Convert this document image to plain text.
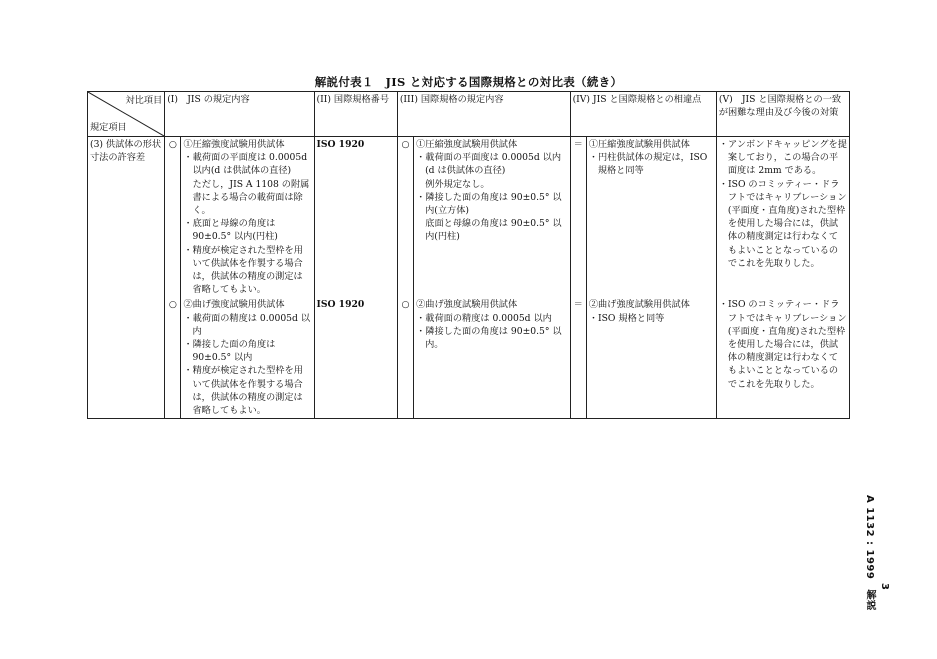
解説付表１　JIS と対応する国際規格との対比表（続き）
対比項目
規定項目	(I)　JIS の規定内容		(II) 国際規格番号	(III) 国際規格の規定内容		(IV) JIS と国際規格との相違点		(V)　JIS と国際規格との一致が困難な理由及び今後の対策
(3) 供試体の形状寸法の許容差	○	①圧縮強度試験用供試体
・載荷面の平面度は 0.0005d 以内(d は供試体の直径)
　ただし，JIS A 1108 の附属書による場合の載荷面は除く。
・底面と母線の角度は 90±0.5° 以内(円柱)
・精度が検定された型枠を用いて供試体を作製する場合は，供試体の精度の測定は省略してもよい。	ISO 1920	○	①圧縮強度試験用供試体
・載荷面の平面度は 0.0005d 以内(d は供試体の直径)
　例外規定なし。
・隣接した面の角度は 90±0.5° 以内(立方体)
　底面と母線の角度は 90±0.5° 以内(円柱)	＝	①圧縮強度試験用供試体
・円柱供試体の規定は，ISO 規格と同等	・アンボンドキャッピングを提案しており，この場合の平面度は 2mm である。
・ISO のコミッティー・ドラフトではキャリブレーション(平面度・直角度)された型枠を使用した場合には，供試体の精度測定は行わなくてもよいこととなっているのでこれを先取りした。

	○	②曲げ強度試験用供試体
・載荷面の精度は 0.0005d 以内
・隣接した面の角度は 90±0.5° 以内
・精度が検定された型枠を用いて供試体を作製する場合は，供試体の精度の測定は省略してもよい。	ISO 1920	○	②曲げ強度試験用供試体
・載荷面の精度は 0.0005d 以内
・隣接した面の角度は 90±0.5° 以内。	＝	②曲げ強度試験用供試体
・ISO 規格と同等	・ISO のコミッティー・ドラフトではキャリブレーション(平面度・直角度)された型枠を使用した場合には，供試体の精度測定は行わなくてもよいこととなっているのでこれを先取りした。
A 1132 : 1999　解説 3
